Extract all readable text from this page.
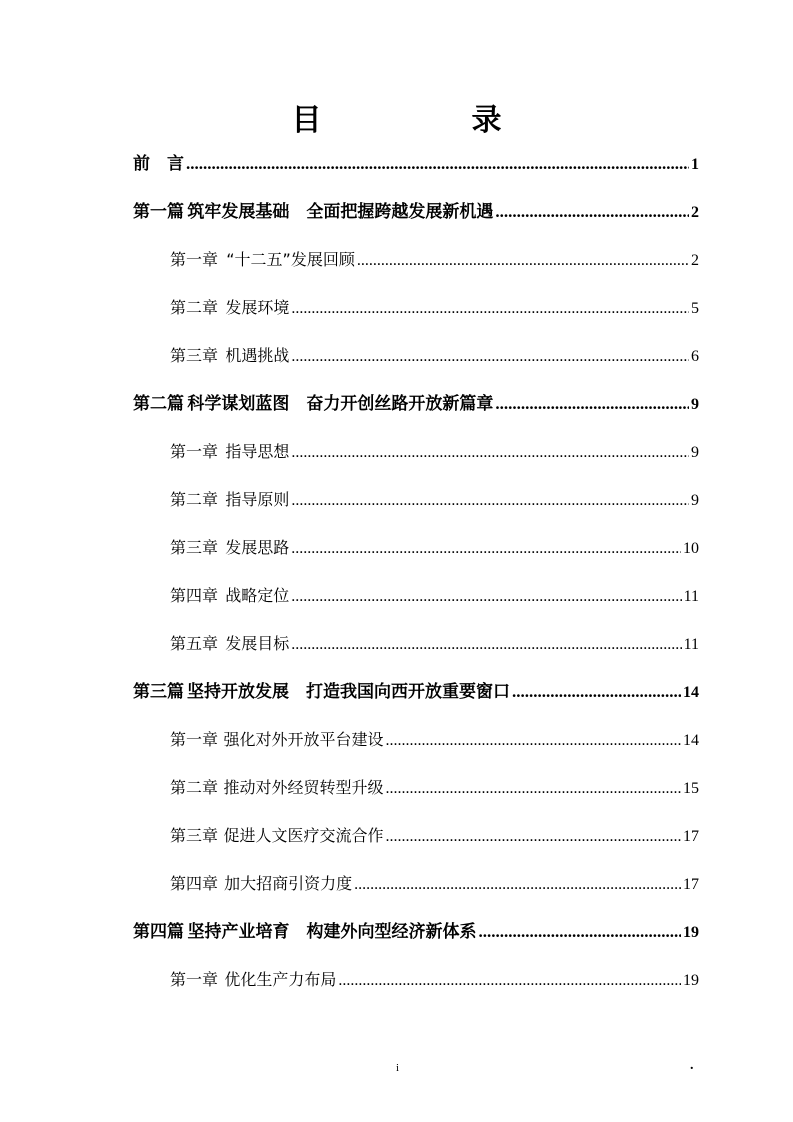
目　录
前　言 .....	1
第一篇 筑牢发展基础　全面把握跨越发展新机遇 .....	2
第一章 “十二五”发展回顾 .....	2
第二章 发展环境 .....	5
第三章 机遇挑战 .....	6
第二篇 科学谋划蓝图　奋力开创丝路开放新篇章 .....	9
第一章 指导思想 .....	9
第二章 指导原则 .....	9
第三章 发展思路 .....	10
第四章 战略定位 .....	11
第五章 发展目标 .....	11
第三篇 坚持开放发展　打造我国向西开放重要窗口 .....	14
第一章 强化对外开放平台建设 .....	14
第二章 推动对外经贸转型升级 .....	15
第三章 促进人文医疗交流合作 .....	17
第四章 加大招商引资力度 .....	17
第四篇 坚持产业培育　构建外向型经济新体系 .....	19
第一章 优化生产力布局 .....	19
i	.
